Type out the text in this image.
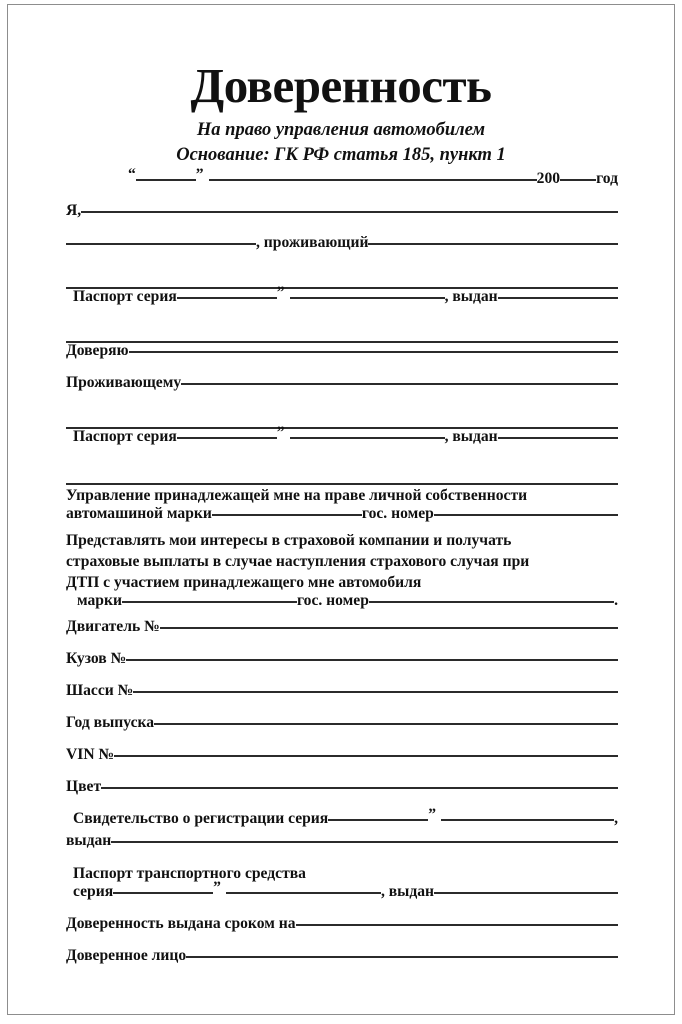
Доверенность
На право управления автомобилем
Основание: ГК РФ статья 185, пункт 1
“	”	200 год
Я,
, проживающий
Паспорт серия	”	, выдан
Доверяю
Проживающему
Паспорт серия	”	, выдан
Управление принадлежащей мне на праве личной собственности
автомашиной марки	гос. номер
Представлять мои интересы в страховой компании и получать
страховые выплаты в случае наступления страхового случая при
ДТП с участием принадлежащего мне автомобиля
марки	гос. номер	.
Двигатель №
Кузов №
Шасси №
Год выпуска
VIN №
Цвет
Свидетельство о регистрации серия	”	,
выдан
Паспорт транспортного средства
серия	”	, выдан
Доверенность выдана сроком на
Доверенное лицо
